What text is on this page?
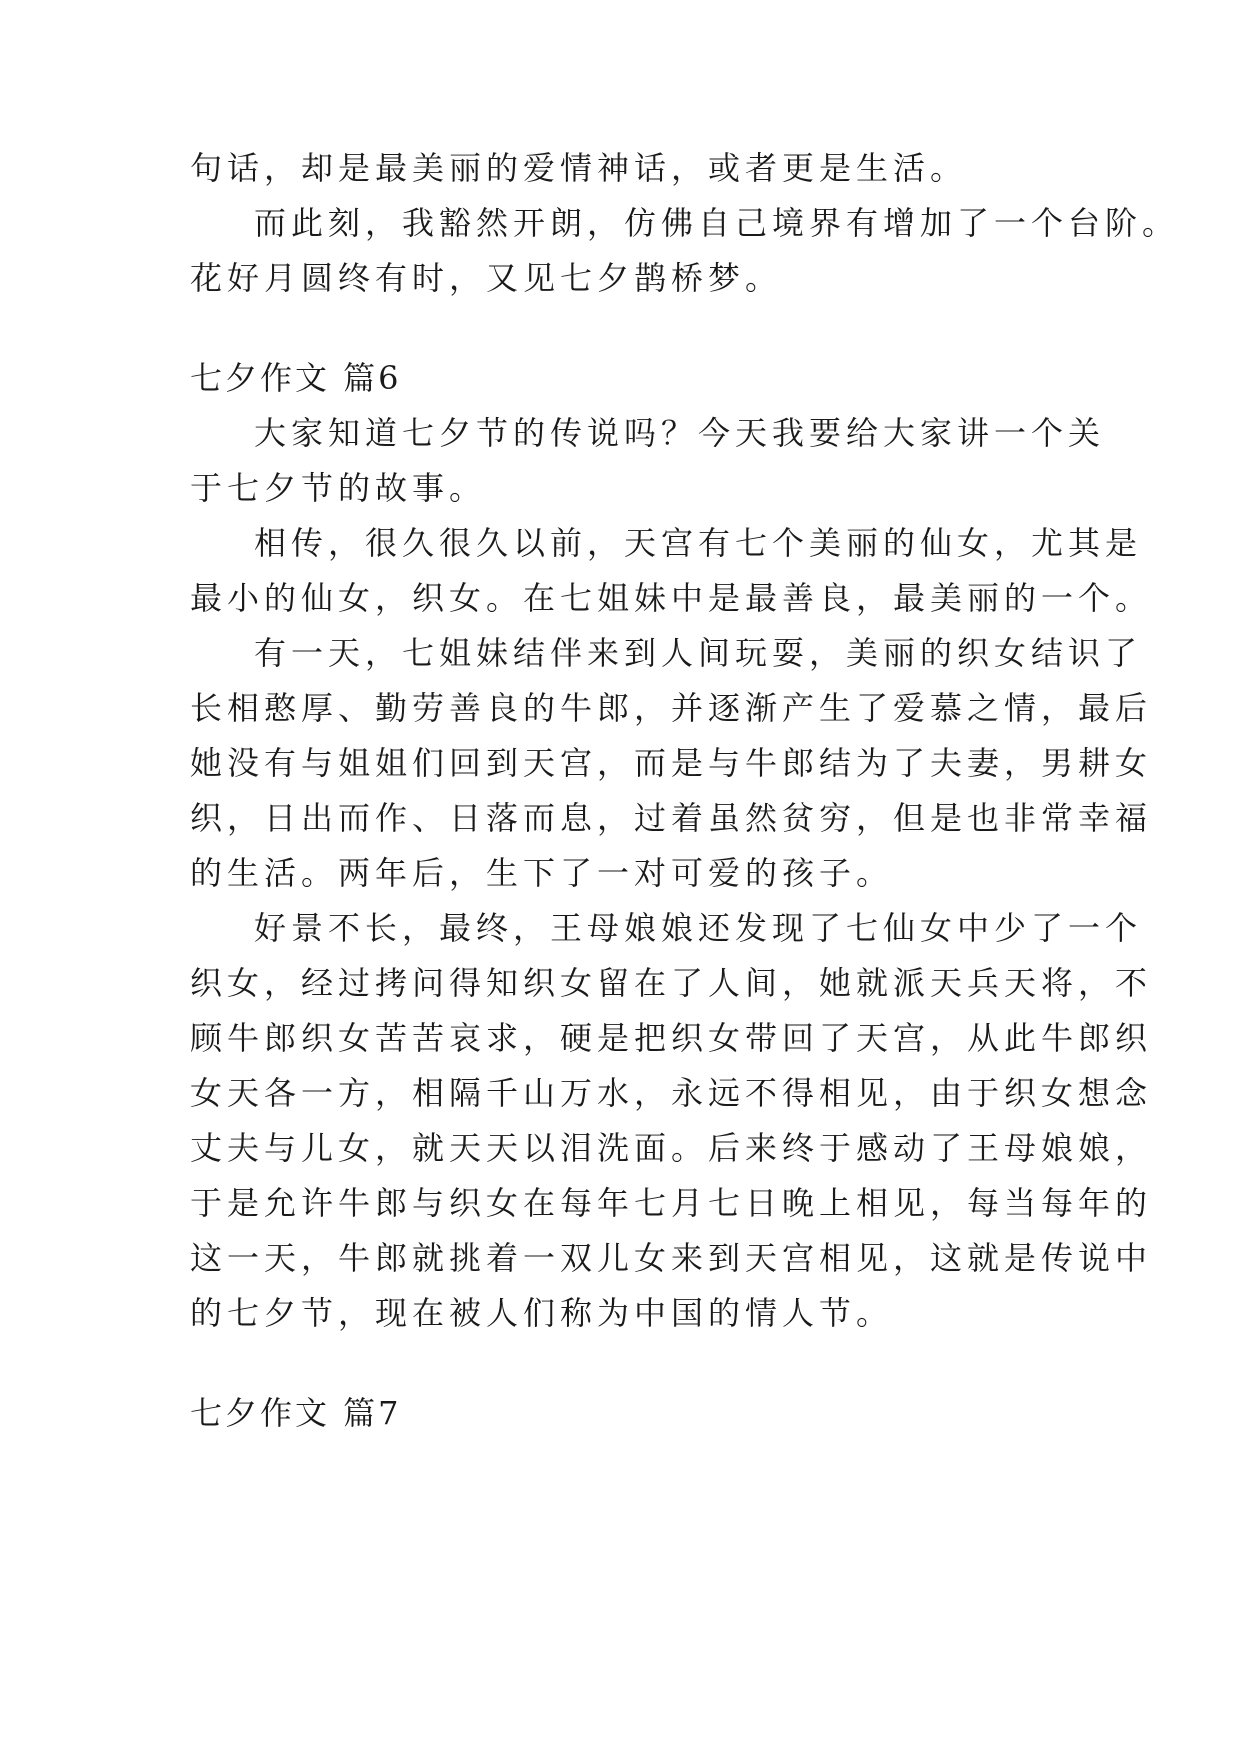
句话，却是最美丽的爱情神话，或者更是生活。
而此刻，我豁然开朗，仿佛自己境界有增加了一个台阶。
花好月圆终有时，又见七夕鹊桥梦。
七夕作文 篇6
大家知道七夕节的传说吗？今天我要给大家讲一个关
于七夕节的故事。
相传，很久很久以前，天宫有七个美丽的仙女，尤其是
最小的仙女，织女。在七姐妹中是最善良，最美丽的一个。
有一天，七姐妹结伴来到人间玩耍，美丽的织女结识了
长相憨厚、勤劳善良的牛郎，并逐渐产生了爱慕之情，最后
她没有与姐姐们回到天宫，而是与牛郎结为了夫妻，男耕女
织，日出而作、日落而息，过着虽然贫穷，但是也非常幸福
的生活。两年后，生下了一对可爱的孩子。
好景不长，最终，王母娘娘还发现了七仙女中少了一个
织女，经过拷问得知织女留在了人间，她就派天兵天将，不
顾牛郎织女苦苦哀求，硬是把织女带回了天宫，从此牛郎织
女天各一方，相隔千山万水，永远不得相见，由于织女想念
丈夫与儿女，就天天以泪洗面。后来终于感动了王母娘娘，
于是允许牛郎与织女在每年七月七日晚上相见，每当每年的
这一天，牛郎就挑着一双儿女来到天宫相见，这就是传说中
的七夕节，现在被人们称为中国的情人节。
七夕作文 篇7
